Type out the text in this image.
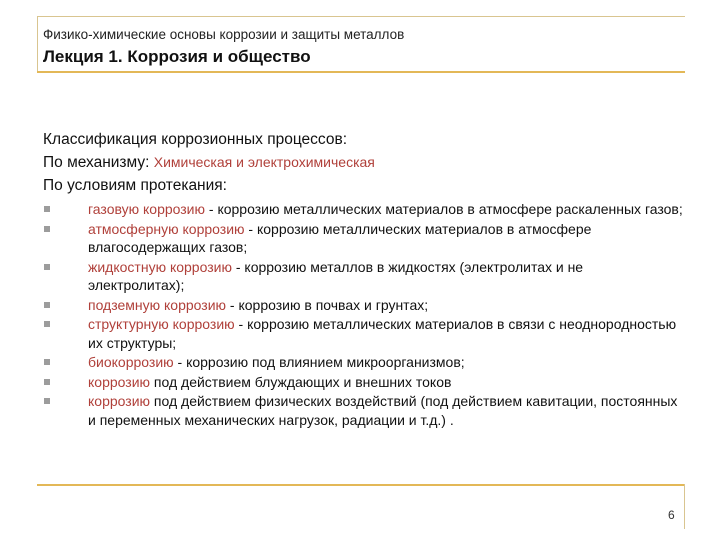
Физико-химические основы коррозии и защиты металлов
Лекция 1. Коррозия и общество
Классификация коррозионных процессов:
По механизму: Химическая и электрохимическая
По условиям протекания:
газовую коррозию - коррозию металлических материалов в атмосфере раскаленных газов;
атмосферную коррозию - коррозию металлических материалов в атмосфере влагосодержащих газов;
жидкостную коррозию - коррозию металлов в жидкостях (электролитах и не электролитах);
подземную коррозию - коррозию в почвах и грунтах;
структурную коррозию - коррозию металлических материалов в связи с неоднородностью их структуры;
биокоррозию - коррозию под влиянием микроорганизмов;
коррозию под действием блуждающих и внешних токов
коррозию под действием физических воздействий (под действием кавитации, постоянных и переменных механических нагрузок, радиации и т.д.) .
6
